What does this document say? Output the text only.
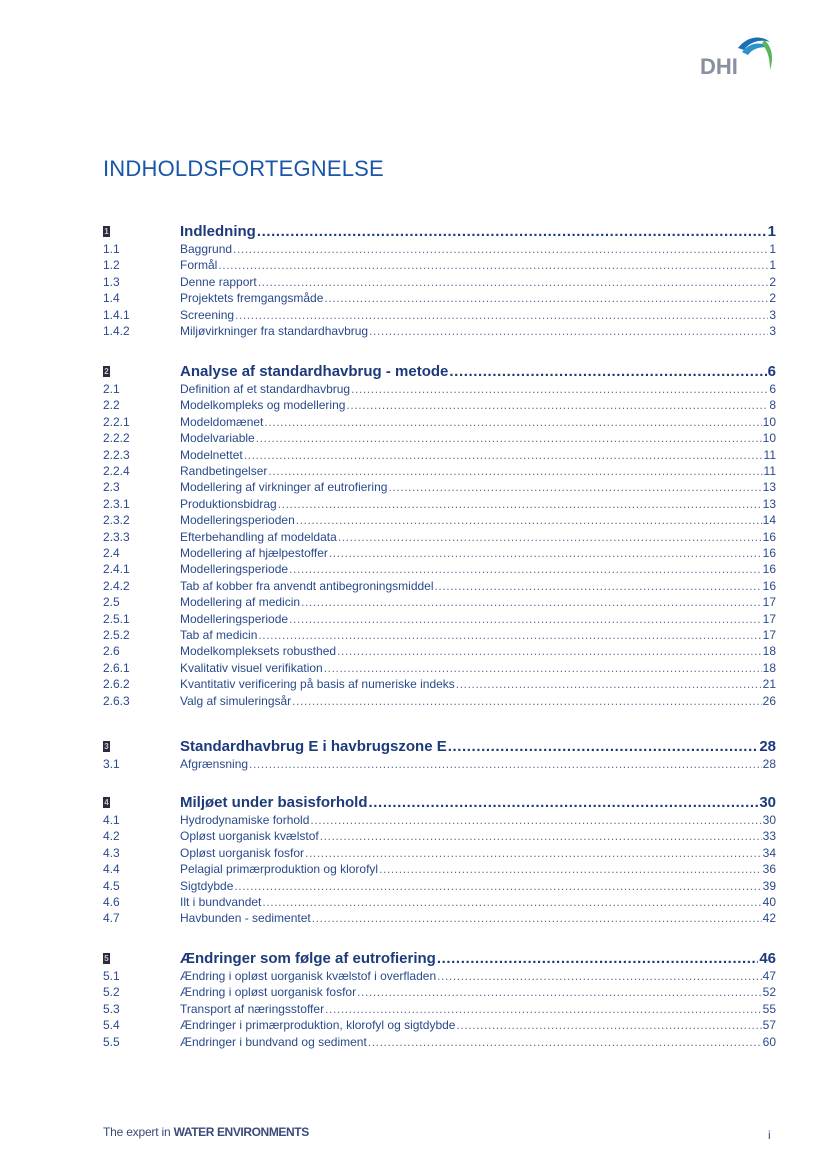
DHI
INDHOLDSFORTEGNELSE
1	Indledning .....	1
1.1	Baggrund .....	1
1.2	Formål .....	1
1.3	Denne rapport .....	2
1.4	Projektets fremgangsmåde .....	2
1.4.1	Screening .....	3
1.4.2	Miljøvirkninger fra standardhavbrug .....	3
2	Analyse af standardhavbrug - metode .....	6
2.1	Definition af et standardhavbrug .....	6
2.2	Modelkompleks og modellering .....	8
2.2.1	Modeldomænet .....	10
2.2.2	Modelvariable .....	10
2.2.3	Modelnettet .....	11
2.2.4	Randbetingelser .....	11
2.3	Modellering af virkninger af eutrofiering .....	13
2.3.1	Produktionsbidrag .....	13
2.3.2	Modelleringsperioden .....	14
2.3.3	Efterbehandling af modeldata .....	16
2.4	Modellering af hjælpestoffer .....	16
2.4.1	Modelleringsperiode .....	16
2.4.2	Tab af kobber fra anvendt antibegroningsmiddel .....	16
2.5	Modellering af medicin .....	17
2.5.1	Modelleringsperiode .....	17
2.5.2	Tab af medicin .....	17
2.6	Modelkompleksets robusthed .....	18
2.6.1	Kvalitativ visuel verifikation .....	18
2.6.2	Kvantitativ verificering på basis af numeriske indeks .....	21
2.6.3	Valg af simuleringsår .....	26
3	Standardhavbrug E i havbrugszone E .....	28
3.1	Afgrænsning .....	28
4	Miljøet under basisforhold .....	30
4.1	Hydrodynamiske forhold .....	30
4.2	Opløst uorganisk kvælstof .....	33
4.3	Opløst uorganisk fosfor .....	34
4.4	Pelagial primærproduktion og klorofyl .....	36
4.5	Sigtdybde .....	39
4.6	Ilt i bundvandet .....	40
4.7	Havbunden - sedimentet .....	42
5	Ændringer som følge af eutrofiering .....	46
5.1	Ændring i opløst uorganisk kvælstof i overfladen .....	47
5.2	Ændring i opløst uorganisk fosfor .....	52
5.3	Transport af næringsstoffer .....	55
5.4	Ændringer i primærproduktion, klorofyl og sigtdybde .....	57
5.5	Ændringer i bundvand og sediment .....	60
The expert in WATER ENVIRONMENTS	i
